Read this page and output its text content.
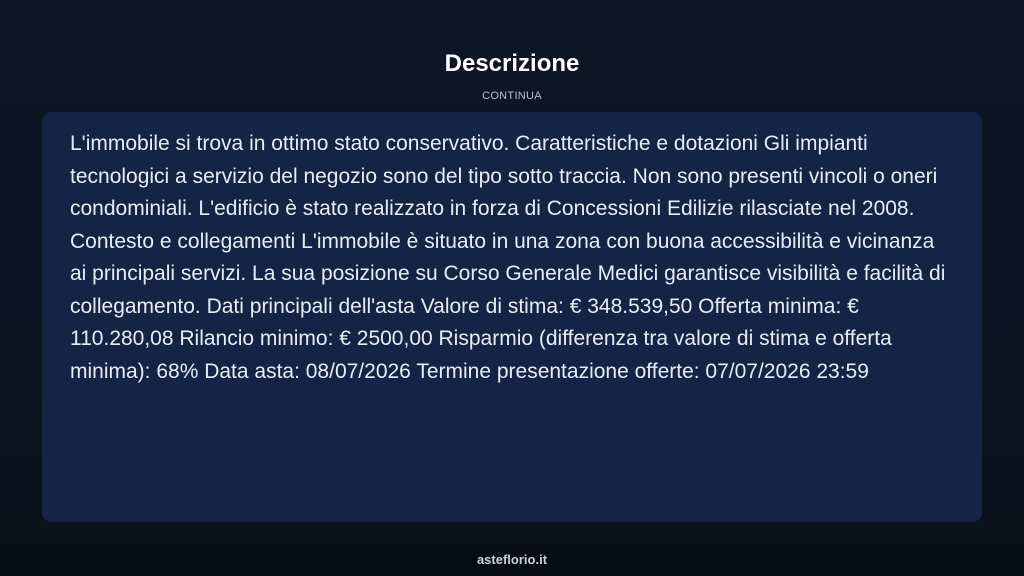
Descrizione
CONTINUA

L'immobile si trova in ottimo stato conservativo. Caratteristiche e dotazioni Gli impianti tecnologici a servizio del negozio sono del tipo sotto traccia. Non sono presenti vincoli o oneri condominiali. L'edificio è stato realizzato in forza di Concessioni Edilizie rilasciate nel 2008. Contesto e collegamenti L'immobile è situato in una zona con buona accessibilità e vicinanza ai principali servizi. La sua posizione su Corso Generale Medici garantisce visibilità e facilità di collegamento. Dati principali dell'asta Valore di stima: € 348.539,50 Offerta minima: € 110.280,08 Rilancio minimo: € 2500,00 Risparmio (differenza tra valore di stima e offerta minima): 68% Data asta: 08/07/2026 Termine presentazione offerte: 07/07/2026 23:59

asteflorio.it
